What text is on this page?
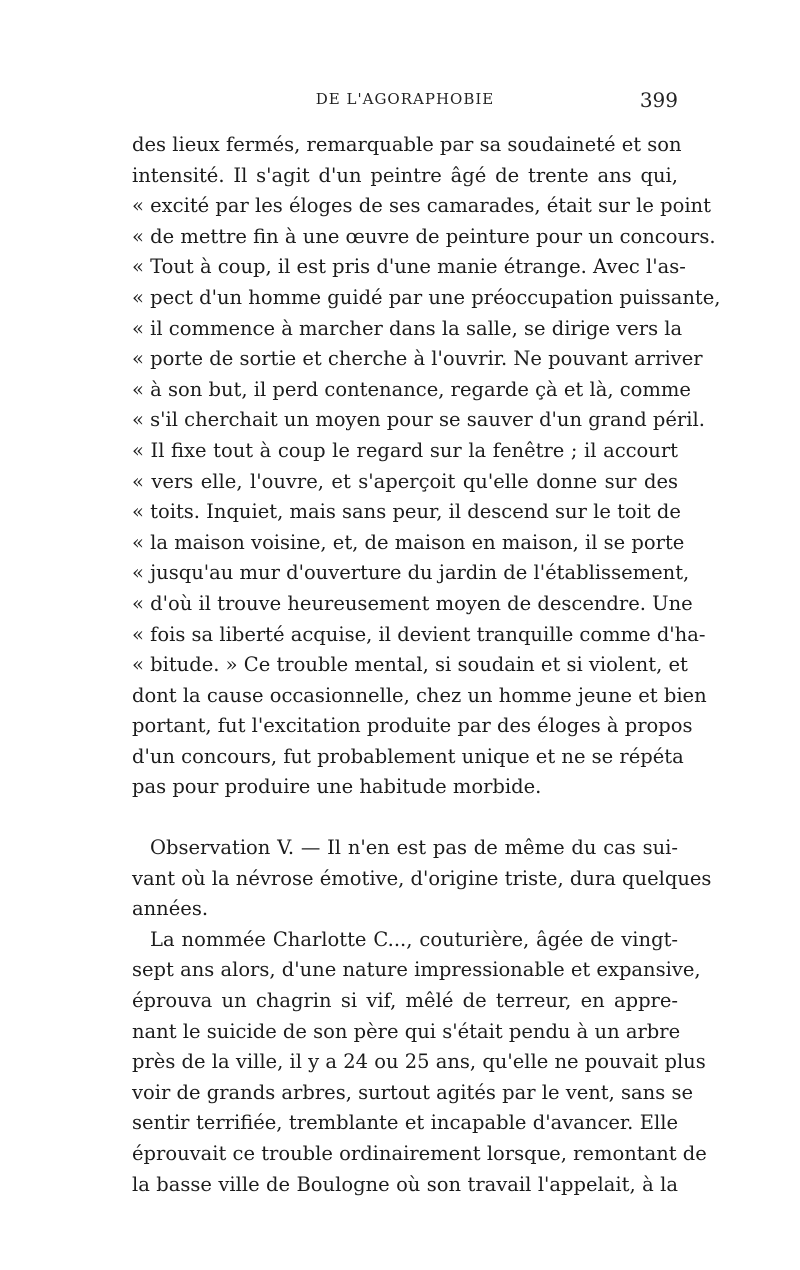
DE L'AGORAPHOBIE	399
des lieux fermés, remarquable par sa soudaineté et son
intensité. Il s'agit d'un peintre âgé de trente ans qui,
« excité par les éloges de ses camarades, était sur le point
« de mettre fin à une œuvre de peinture pour un concours.
« Tout à coup, il est pris d'une manie étrange. Avec l'as-
« pect d'un homme guidé par une préoccupation puissante,
« il commence à marcher dans la salle, se dirige vers la
« porte de sortie et cherche à l'ouvrir. Ne pouvant arriver
« à son but, il perd contenance, regarde çà et là, comme
« s'il cherchait un moyen pour se sauver d'un grand péril.
« Il fixe tout à coup le regard sur la fenêtre ; il accourt
« vers elle, l'ouvre, et s'aperçoit qu'elle donne sur des
« toits. Inquiet, mais sans peur, il descend sur le toit de
« la maison voisine, et, de maison en maison, il se porte
« jusqu'au mur d'ouverture du jardin de l'établissement,
« d'où il trouve heureusement moyen de descendre. Une
« fois sa liberté acquise, il devient tranquille comme d'ha-
« bitude. » Ce trouble mental, si soudain et si violent, et
dont la cause occasionnelle, chez un homme jeune et bien
portant, fut l'excitation produite par des éloges à propos
d'un concours, fut probablement unique et ne se répéta
pas pour produire une habitude morbide.
Observation V. — Il n'en est pas de même du cas sui-
vant où la névrose émotive, d'origine triste, dura quelques
années.
La nommée Charlotte C..., couturière, âgée de vingt-
sept ans alors, d'une nature impressionable et expansive,
éprouva un chagrin si vif, mêlé de terreur, en appre-
nant le suicide de son père qui s'était pendu à un arbre
près de la ville, il y a 24 ou 25 ans, qu'elle ne pouvait plus
voir de grands arbres, surtout agités par le vent, sans se
sentir terrifiée, tremblante et incapable d'avancer. Elle
éprouvait ce trouble ordinairement lorsque, remontant de
la basse ville de Boulogne où son travail l'appelait, à la
